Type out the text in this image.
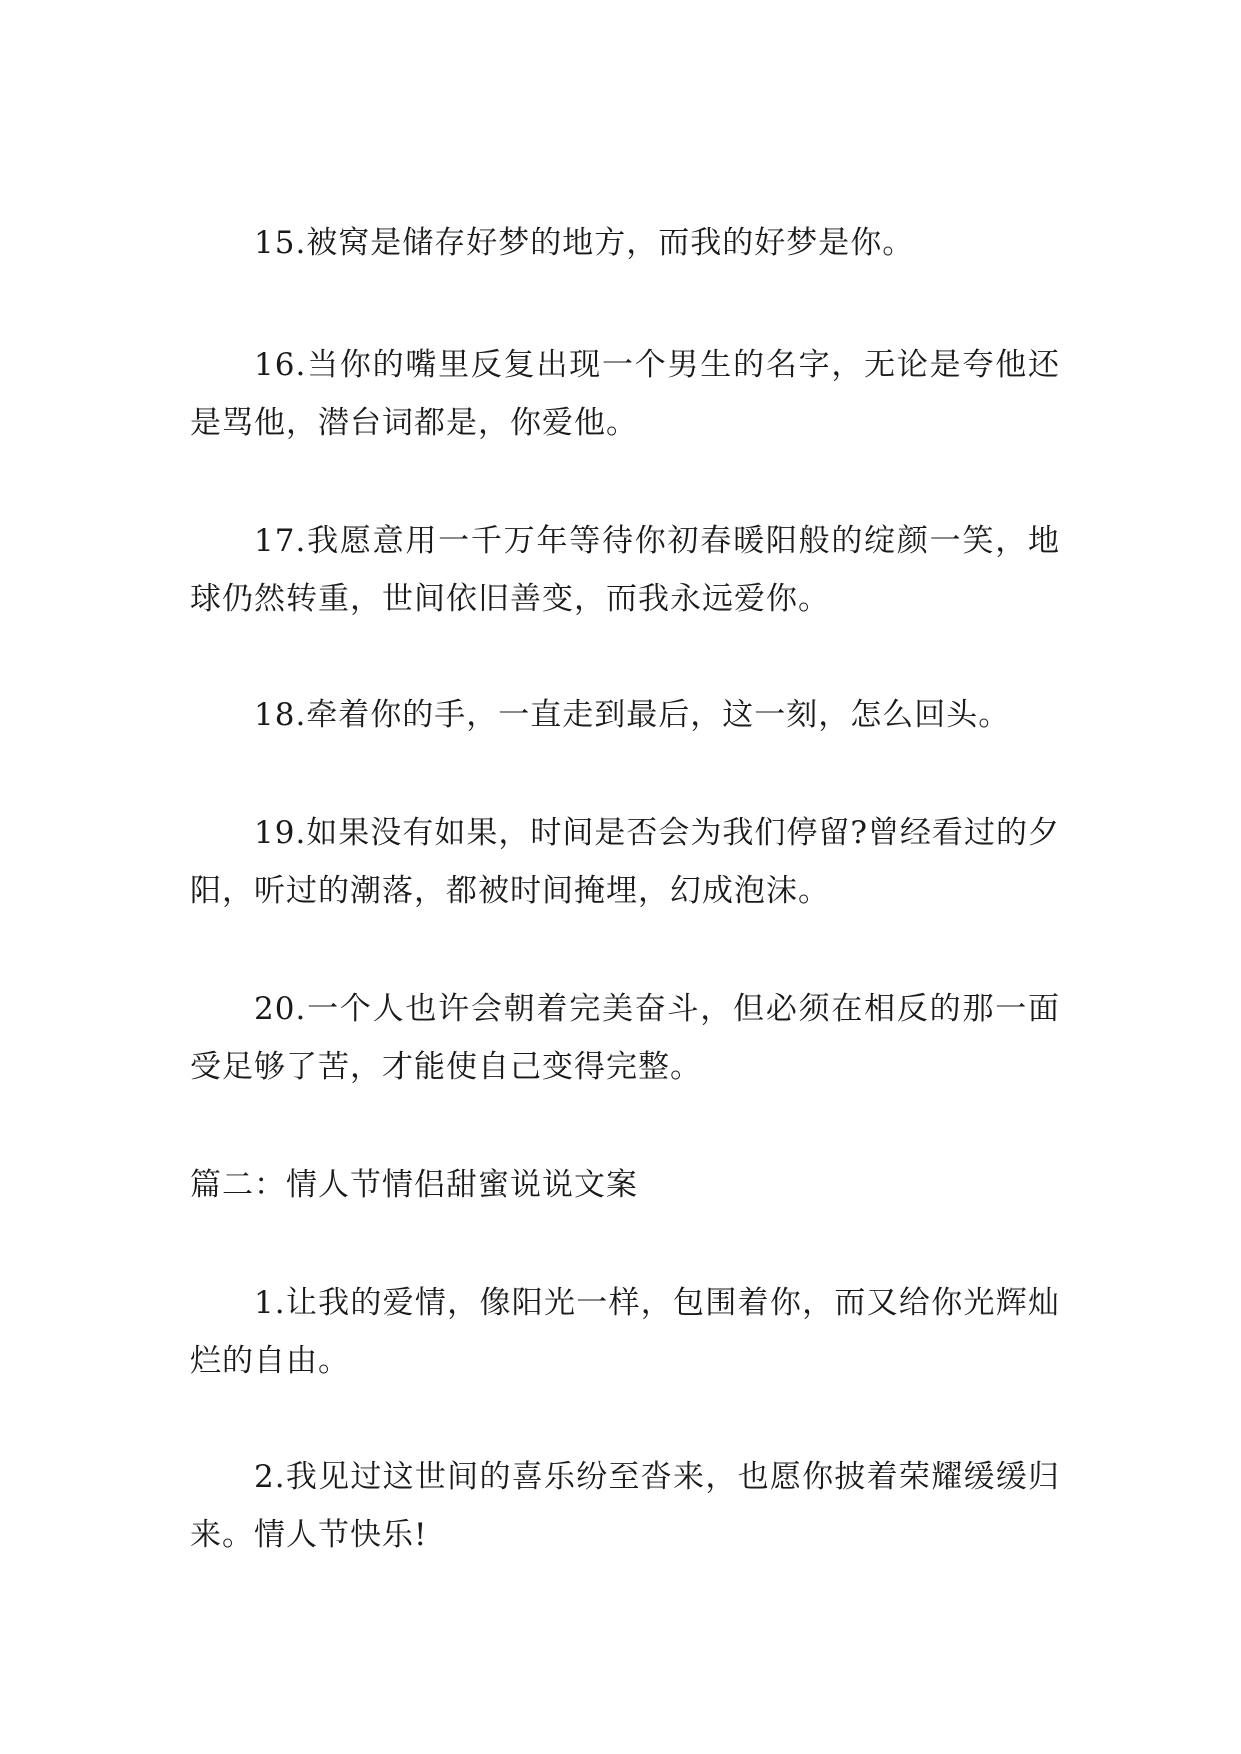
15.被窝是储存好梦的地方，而我的好梦是你。

16.当你的嘴里反复出现一个男生的名字，无论是夸他还是骂他，潜台词都是，你爱他。

17.我愿意用一千万年等待你初春暖阳般的绽颜一笑，地球仍然转重，世间依旧善变，而我永远爱你。

18.牵着你的手，一直走到最后，这一刻，怎么回头。

19.如果没有如果，时间是否会为我们停留?曾经看过的夕阳，听过的潮落，都被时间掩埋，幻成泡沫。

20.一个人也许会朝着完美奋斗，但必须在相反的那一面受足够了苦，才能使自己变得完整。

篇二：情人节情侣甜蜜说说文案

1.让我的爱情，像阳光一样，包围着你，而又给你光辉灿烂的自由。

2.我见过这世间的喜乐纷至沓来，也愿你披着荣耀缓缓归来。情人节快乐!
